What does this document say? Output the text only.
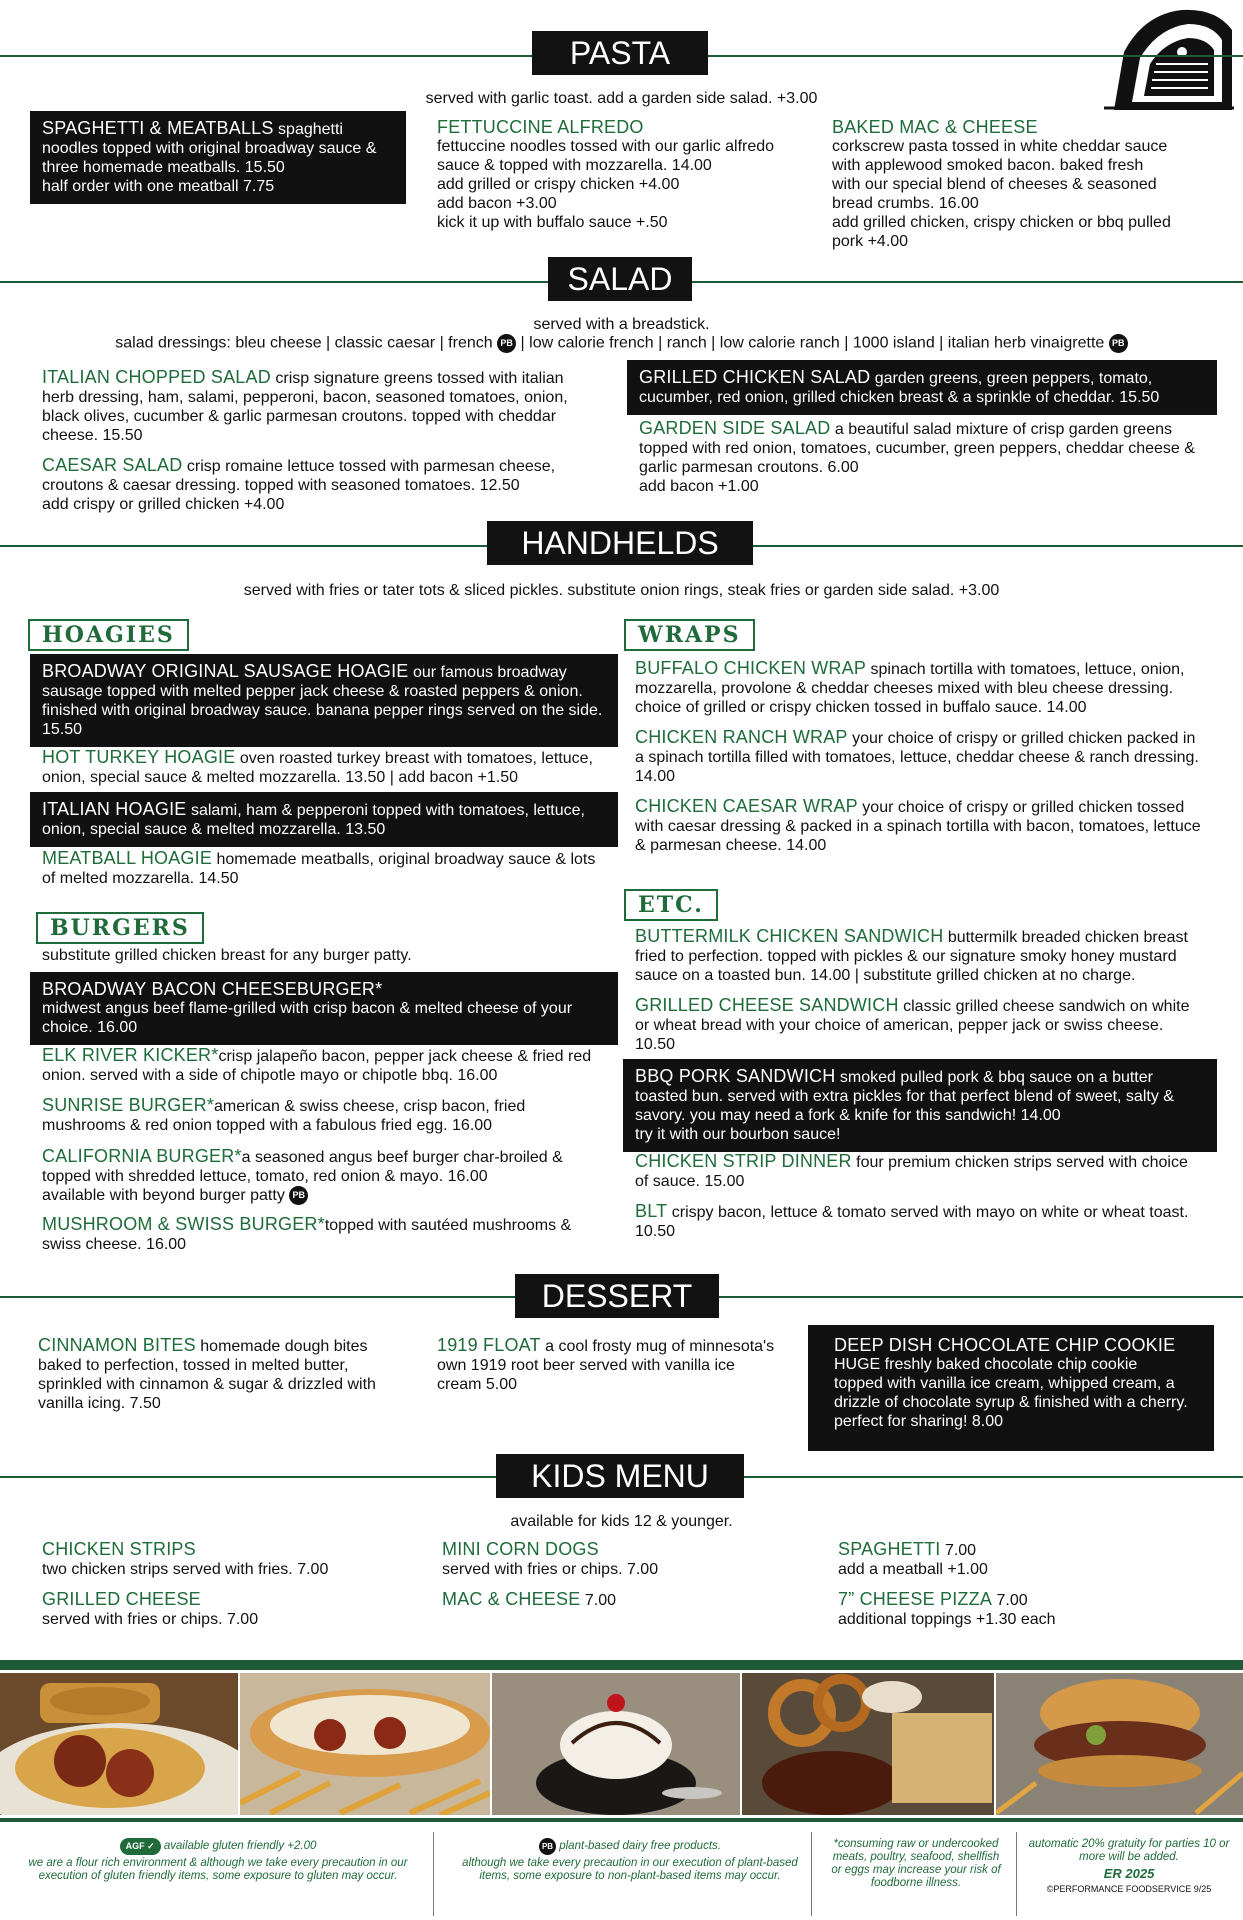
PASTA
served with garlic toast. add a garden side salad. +3.00
SPAGHETTI & MEATBALLS spaghetti noodles topped with original broadway sauce & three homemade meatballs. 15.50
half order with one meatball 7.75
FETTUCCINE ALFREDO
fettuccine noodles tossed with our garlic alfredo sauce & topped with mozzarella. 14.00
add grilled or crispy chicken +4.00
add bacon +3.00
kick it up with buffalo sauce +.50
BAKED MAC & CHEESE
corkscrew pasta tossed in white cheddar sauce with applewood smoked bacon. baked fresh with our special blend of cheeses & seasoned bread crumbs. 16.00
add grilled chicken, crispy chicken or bbq pulled pork +4.00
SALAD
served with a breadstick.
salad dressings: bleu cheese | classic caesar | french PB | low calorie french | ranch | low calorie ranch | 1000 island | italian herb vinaigrette PB
ITALIAN CHOPPED SALAD crisp signature greens tossed with italian herb dressing, ham, salami, pepperoni, bacon, seasoned tomatoes, onion, black olives, cucumber & garlic parmesan croutons. topped with cheddar cheese. 15.50
CAESAR SALAD crisp romaine lettuce tossed with parmesan cheese, croutons & caesar dressing. topped with seasoned tomatoes. 12.50
add crispy or grilled chicken +4.00
GRILLED CHICKEN SALAD garden greens, green peppers, tomato, cucumber, red onion, grilled chicken breast & a sprinkle of cheddar. 15.50
GARDEN SIDE SALAD a beautiful salad mixture of crisp garden greens topped with red onion, tomatoes, cucumber, green peppers, cheddar cheese & garlic parmesan croutons. 6.00
add bacon +1.00
HANDHELDS
served with fries or tater tots & sliced pickles. substitute onion rings, steak fries or garden side salad. +3.00
HOAGIES
BROADWAY ORIGINAL SAUSAGE HOAGIE our famous broadway sausage topped with melted pepper jack cheese & roasted peppers & onion. finished with original broadway sauce. banana pepper rings served on the side. 15.50
HOT TURKEY HOAGIE oven roasted turkey breast with tomatoes, lettuce, onion, special sauce & melted mozzarella. 13.50 | add bacon +1.50
ITALIAN HOAGIE salami, ham & pepperoni topped with tomatoes, lettuce, onion, special sauce & melted mozzarella. 13.50
MEATBALL HOAGIE homemade meatballs, original broadway sauce & lots of melted mozzarella. 14.50
BURGERS
substitute grilled chicken breast for any burger patty.
BROADWAY BACON CHEESEBURGER*
midwest angus beef flame-grilled with crisp bacon & melted cheese of your choice. 16.00
ELK RIVER KICKER*crisp jalapeño bacon, pepper jack cheese & fried red onion. served with a side of chipotle mayo or chipotle bbq. 16.00
SUNRISE BURGER*american & swiss cheese, crisp bacon, fried mushrooms & red onion topped with a fabulous fried egg. 16.00
CALIFORNIA BURGER*a seasoned angus beef burger char-broiled & topped with shredded lettuce, tomato, red onion & mayo. 16.00
available with beyond burger patty PB
MUSHROOM & SWISS BURGER*topped with sautéed mushrooms & swiss cheese. 16.00
WRAPS
BUFFALO CHICKEN WRAP spinach tortilla with tomatoes, lettuce, onion, mozzarella, provolone & cheddar cheeses mixed with bleu cheese dressing. choice of grilled or crispy chicken tossed in buffalo sauce. 14.00
CHICKEN RANCH WRAP your choice of crispy or grilled chicken packed in a spinach tortilla filled with tomatoes, lettuce, cheddar cheese & ranch dressing. 14.00
CHICKEN CAESAR WRAP your choice of crispy or grilled chicken tossed with caesar dressing & packed in a spinach tortilla with bacon, tomatoes, lettuce & parmesan cheese. 14.00
ETC.
BUTTERMILK CHICKEN SANDWICH buttermilk breaded chicken breast fried to perfection. topped with pickles & our signature smoky honey mustard sauce on a toasted bun. 14.00 | substitute grilled chicken at no charge.
GRILLED CHEESE SANDWICH classic grilled cheese sandwich on white or wheat bread with your choice of american, pepper jack or swiss cheese. 10.50
BBQ PORK SANDWICH smoked pulled pork & bbq sauce on a butter toasted bun. served with extra pickles for that perfect blend of sweet, salty & savory. you may need a fork & knife for this sandwich! 14.00
try it with our bourbon sauce!
CHICKEN STRIP DINNER four premium chicken strips served with choice of sauce. 15.00
BLT crispy bacon, lettuce & tomato served with mayo on white or wheat toast. 10.50
DESSERT
CINNAMON BITES homemade dough bites baked to perfection, tossed in melted butter, sprinkled with cinnamon & sugar & drizzled with vanilla icing. 7.50
1919 FLOAT a cool frosty mug of minnesota's own 1919 root beer served with vanilla ice cream 5.00
DEEP DISH CHOCOLATE CHIP COOKIE
HUGE freshly baked chocolate chip cookie topped with vanilla ice cream, whipped cream, a drizzle of chocolate syrup & finished with a cherry. perfect for sharing! 8.00
KIDS MENU
available for kids 12 & younger.
CHICKEN STRIPS
two chicken strips served with fries. 7.00
GRILLED CHEESE
served with fries or chips. 7.00
MINI CORN DOGS
served with fries or chips. 7.00
MAC & CHEESE 7.00
SPAGHETTI 7.00
add a meatball +1.00
7” CHEESE PIZZA 7.00
additional toppings +1.30 each
AGF ✓ available gluten friendly +2.00
we are a flour rich environment & although we take every precaution in our execution of gluten friendly items, some exposure to gluten may occur.
PB plant-based dairy free products.
although we take every precaution in our execution of plant-based items, some exposure to non-plant-based items may occur.
*consuming raw or undercooked meats, poultry, seafood, shellfish or eggs may increase your risk of foodborne illness.
automatic 20% gratuity for parties 10 or more will be added.
ER 2025
©PERFORMANCE FOODSERVICE 9/25
